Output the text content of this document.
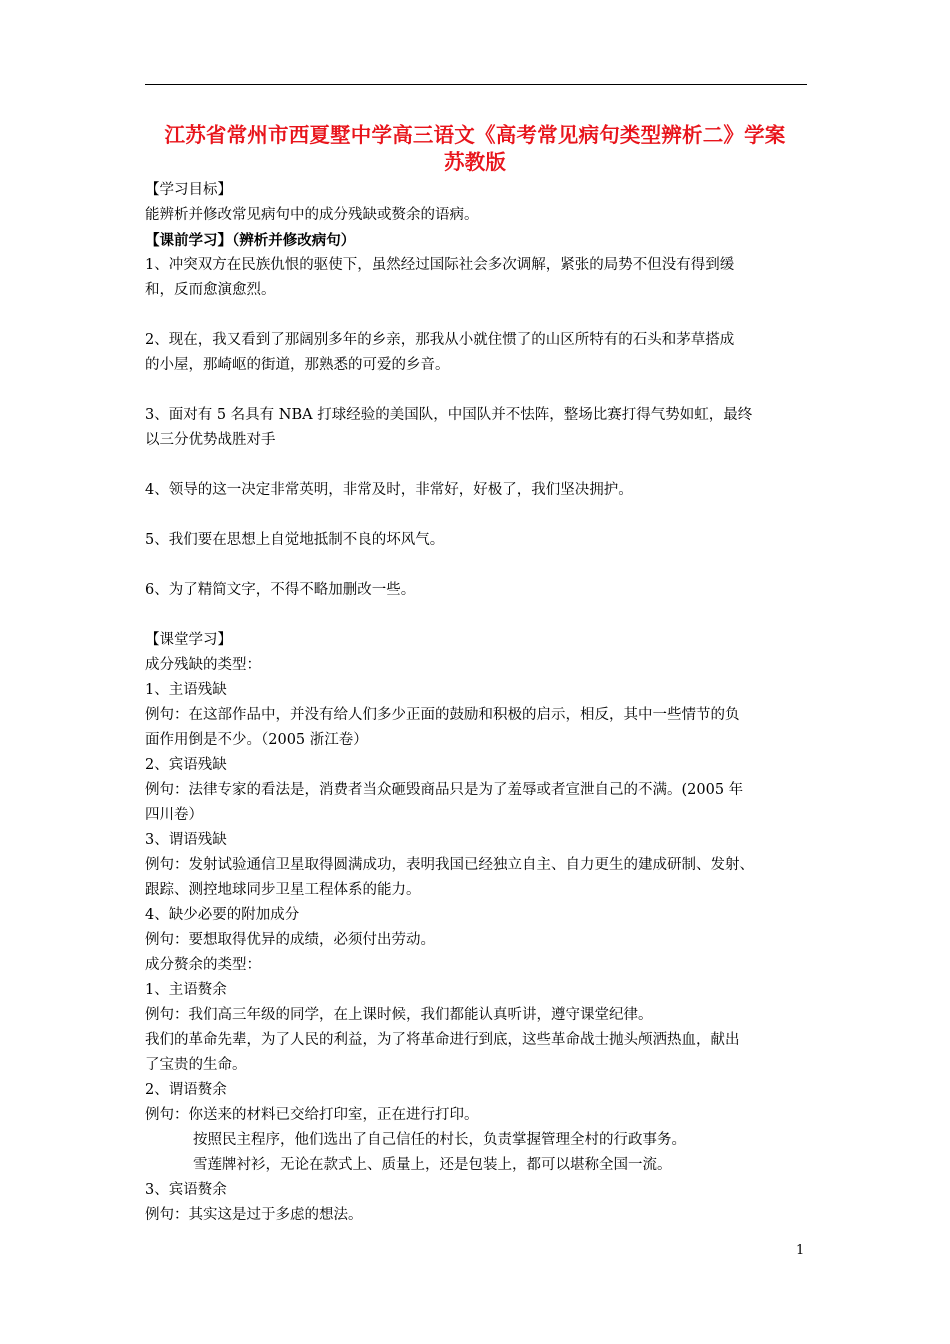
江苏省常州市西夏墅中学高三语文《高考常见病句类型辨析二》学案
苏教版
【学习目标】
能辨析并修改常见病句中的成分残缺或赘余的语病。
【课前学习】（辨析并修改病句）
1、冲突双方在民族仇恨的驱使下，虽然经过国际社会多次调解，紧张的局势不但没有得到缓
和，反而愈演愈烈。
2、现在，我又看到了那阔别多年的乡亲，那我从小就住惯了的山区所特有的石头和茅草搭成
的小屋，那崎岖的街道，那熟悉的可爱的乡音。
3、面对有 5 名具有 NBA 打球经验的美国队，中国队并不怯阵，整场比赛打得气势如虹，最终
以三分优势战胜对手
4、领导的这一决定非常英明，非常及时，非常好，好极了，我们坚决拥护。
5、我们要在思想上自觉地抵制不良的坏风气。
6、为了精简文字，不得不略加删改一些。
【课堂学习】
成分残缺的类型：
1、主语残缺
例句：在这部作品中，并没有给人们多少正面的鼓励和积极的启示，相反，其中一些情节的负
面作用倒是不少。（2005 浙江卷）
2、宾语残缺
例句：法律专家的看法是，消费者当众砸毁商品只是为了羞辱或者宣泄自己的不满。(2005 年
四川卷）
3、谓语残缺
例句：发射试验通信卫星取得圆满成功，表明我国已经独立自主、自力更生的建成研制、发射、
跟踪、测控地球同步卫星工程体系的能力。
4、缺少必要的附加成分
例句：要想取得优异的成绩，必须付出劳动。
成分赘余的类型：
1、主语赘余
例句：我们高三年级的同学，在上课时候，我们都能认真听讲，遵守课堂纪律。
我们的革命先辈，为了人民的利益，为了将革命进行到底，这些革命战士抛头颅洒热血，献出
了宝贵的生命。
2、谓语赘余
例句：你送来的材料已交给打印室，正在进行打印。
按照民主程序，他们选出了自己信任的村长，负责掌握管理全村的行政事务。
雪莲牌衬衫，无论在款式上、质量上，还是包装上，都可以堪称全国一流。
3、宾语赘余
例句：其实这是过于多虑的想法。
1
